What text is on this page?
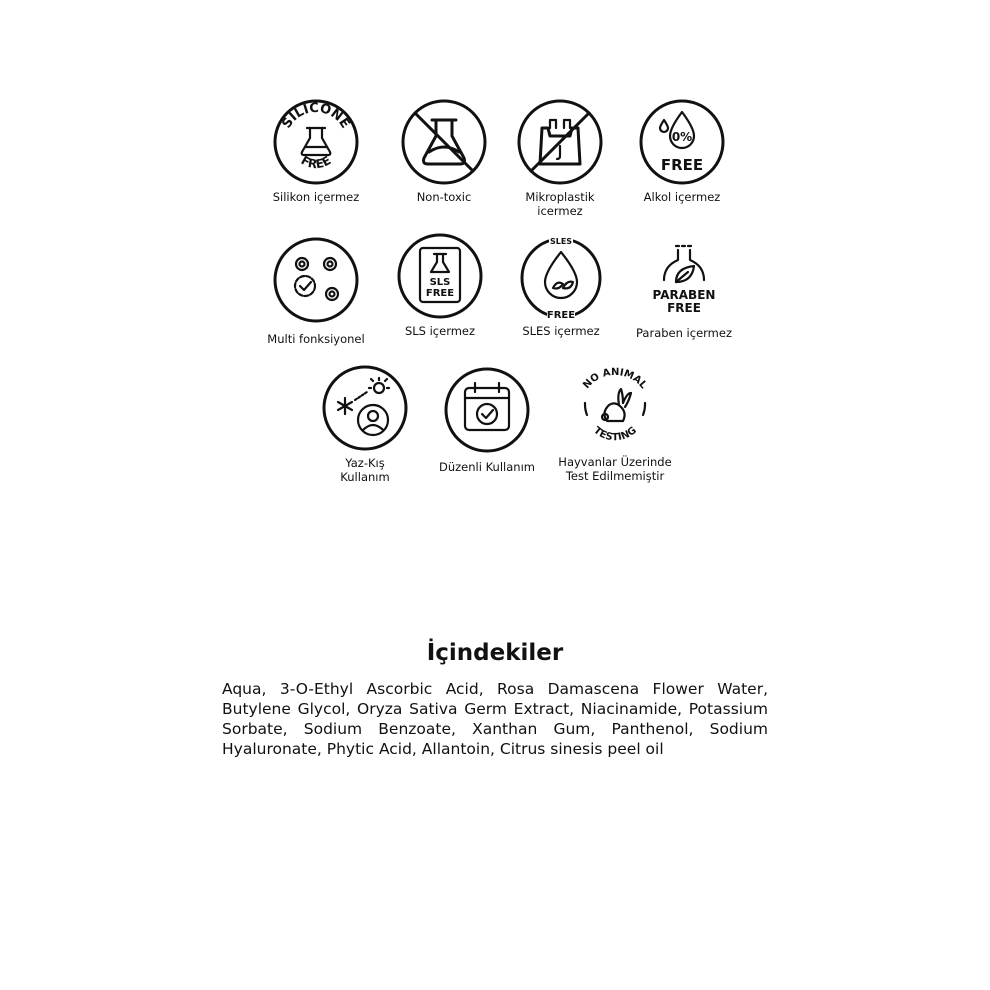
SILICONE
FREE
Silikon içermez	Non-toxic	Mikroplastik
icermez
0%
FREE
Alkol içermez
Multi fonksiyonel
SLS
FREE
SLS içermez
SLES
FREE
SLES içermez
PARABEN
FREE
Paraben içermez
Yaz-Kış
Kullanım
Düzenli Kullanım
NO ANIMAL
TESTING
Hayvanlar Üzerinde
Test Edilmemiştir
İçindekiler

Aqua, 3-O-Ethyl Ascorbic Acid, Rosa Damascena Flower Water, Butylene Glycol, Oryza Sativa Germ Extract, Niacinamide, Potassium Sorbate, Sodium Benzoate, Xanthan Gum, Panthenol, Sodium Hyaluronate, Phytic Acid, Allantoin, Citrus sinesis peel oil
